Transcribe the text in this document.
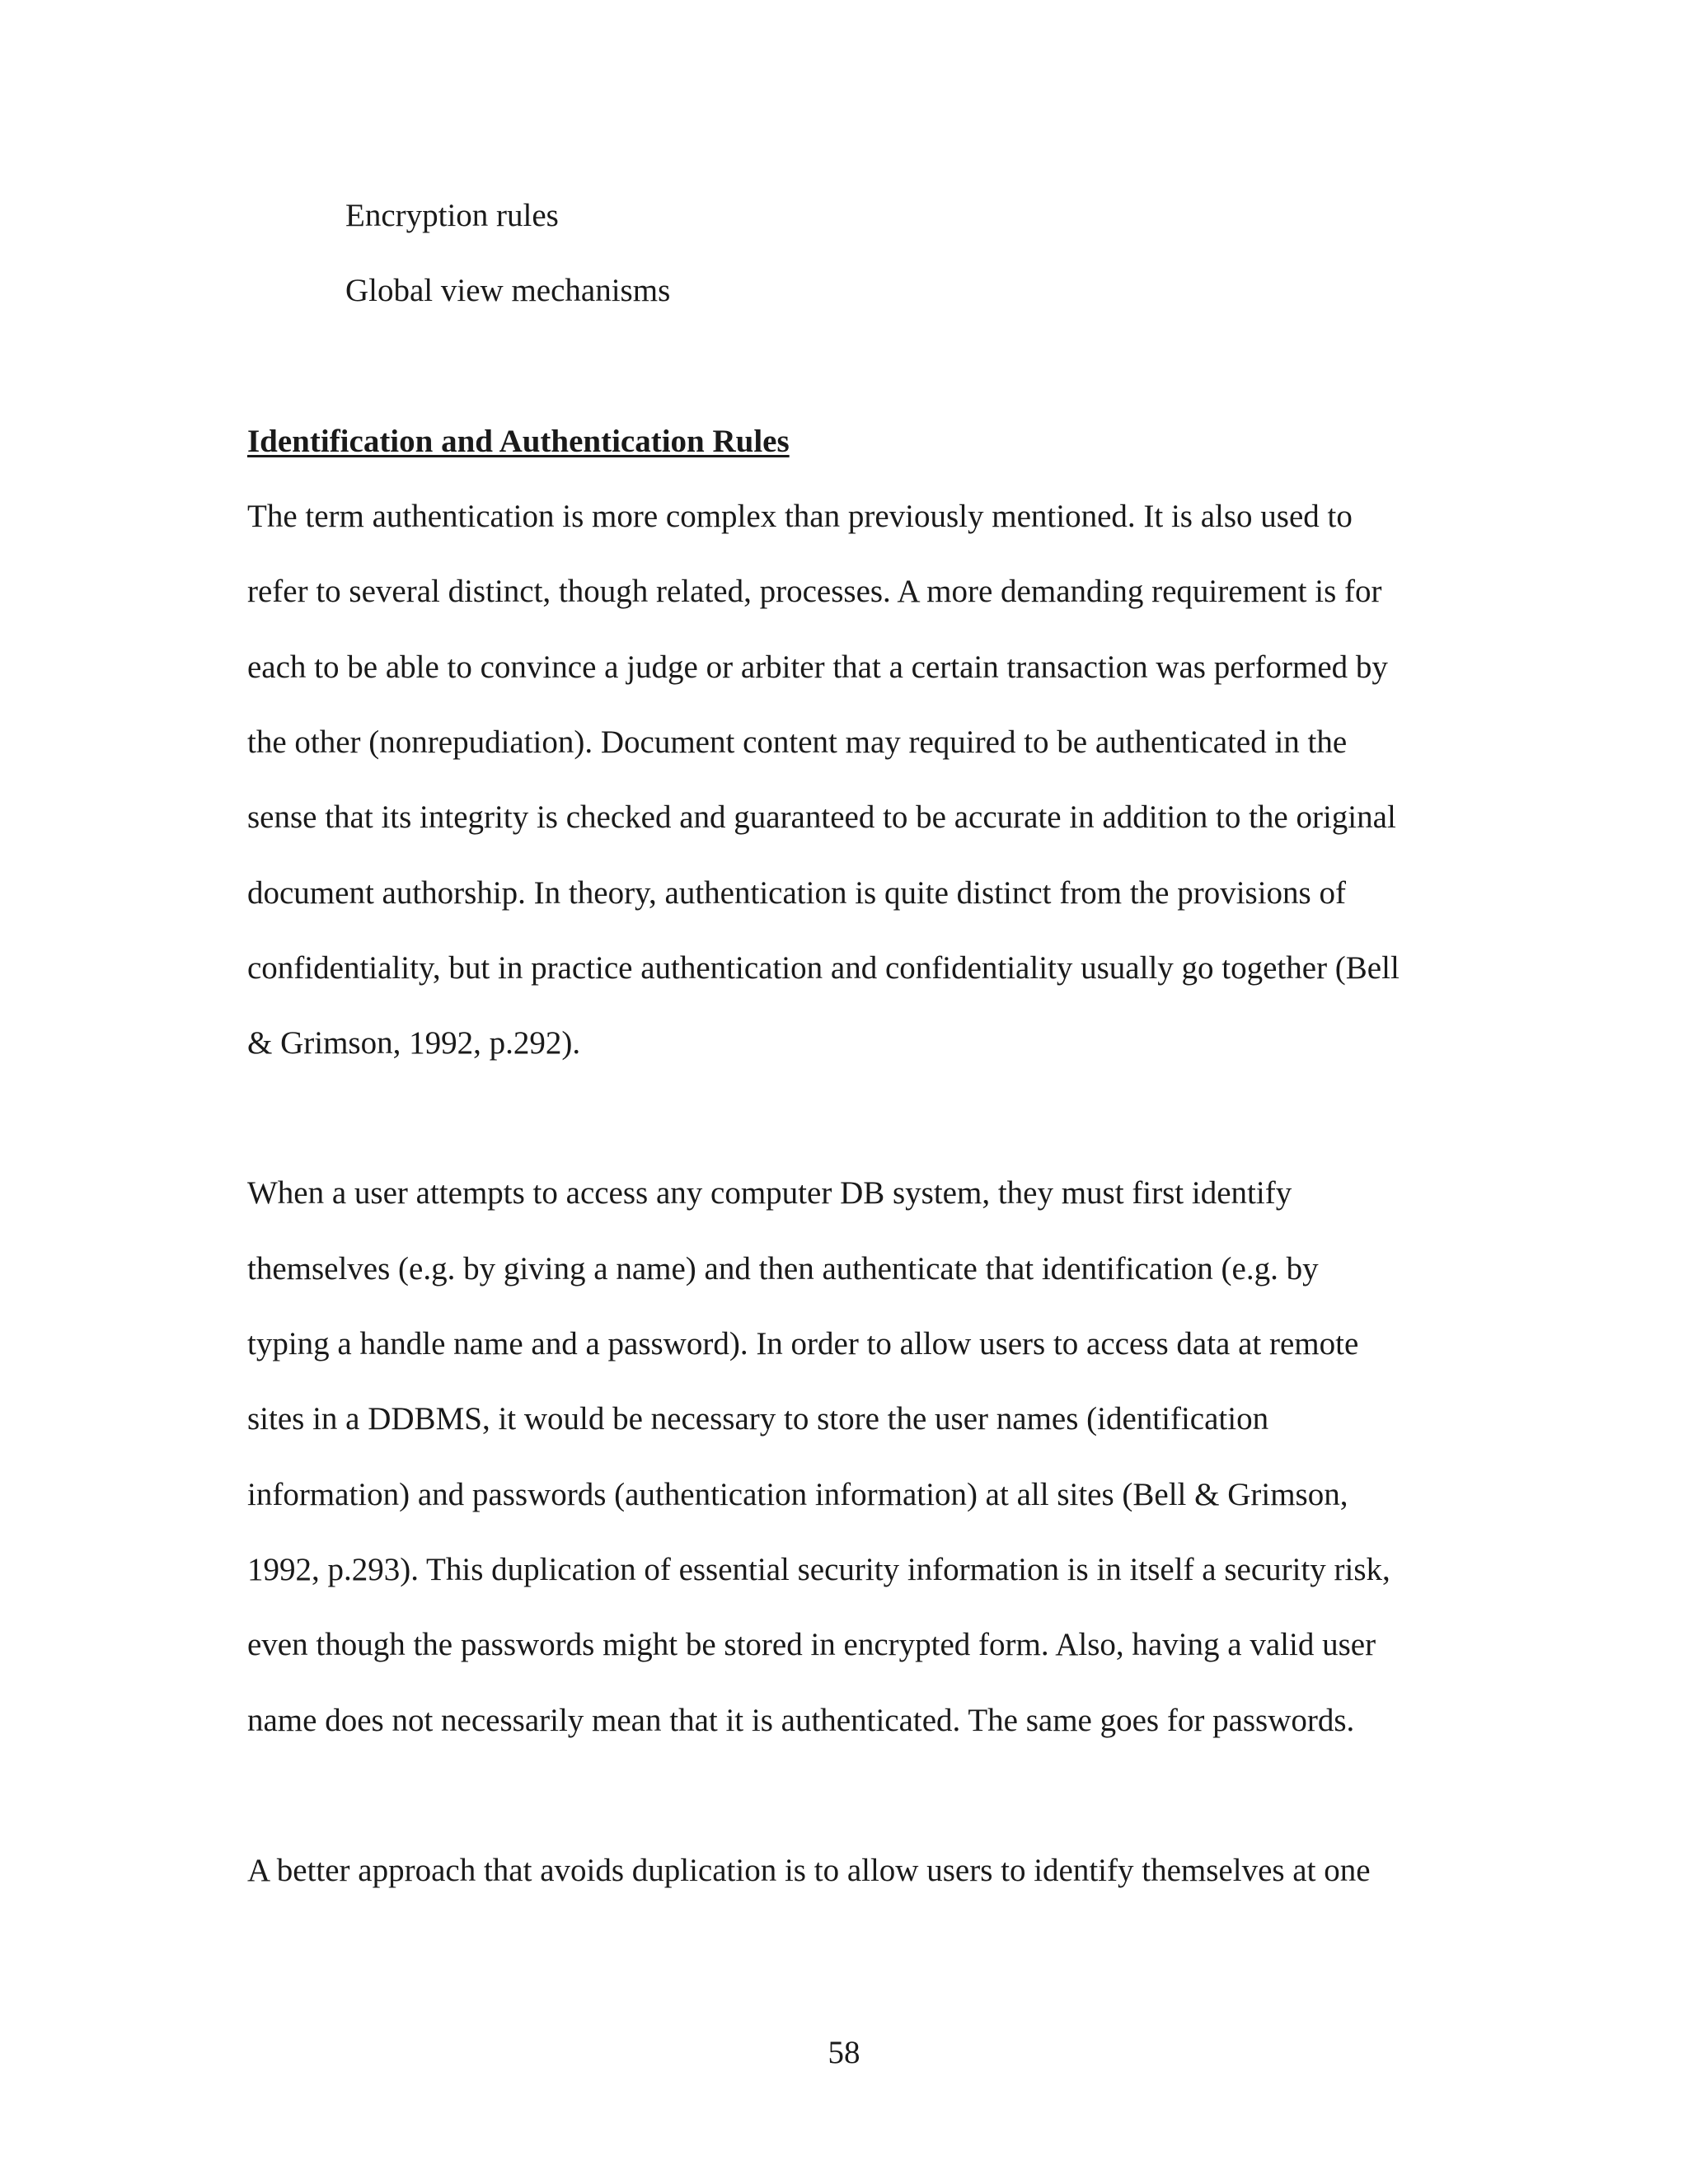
Encryption rules
Global view mechanisms
Identification and Authentication Rules
The term authentication is more complex than previously mentioned. It is also used to
refer to several distinct, though related, processes. A more demanding requirement is for
each to be able to convince a judge or arbiter that a certain transaction was performed by
the other (nonrepudiation). Document content may required to be authenticated in the
sense that its integrity is checked and guaranteed to be accurate in addition to the original
document authorship. In theory, authentication is quite distinct from the provisions of
confidentiality, but in practice authentication and confidentiality usually go together (Bell
& Grimson, 1992, p.292).
When a user attempts to access any computer DB system, they must first identify
themselves (e.g. by giving a name) and then authenticate that identification (e.g. by
typing a handle name and a password). In order to allow users to access data at remote
sites in a DDBMS, it would be necessary to store the user names (identification
information) and passwords (authentication information) at all sites (Bell & Grimson,
1992, p.293). This duplication of essential security information is in itself a security risk,
even though the passwords might be stored in encrypted form. Also, having a valid user
name does not necessarily mean that it is authenticated. The same goes for passwords.
A better approach that avoids duplication is to allow users to identify themselves at one
58
